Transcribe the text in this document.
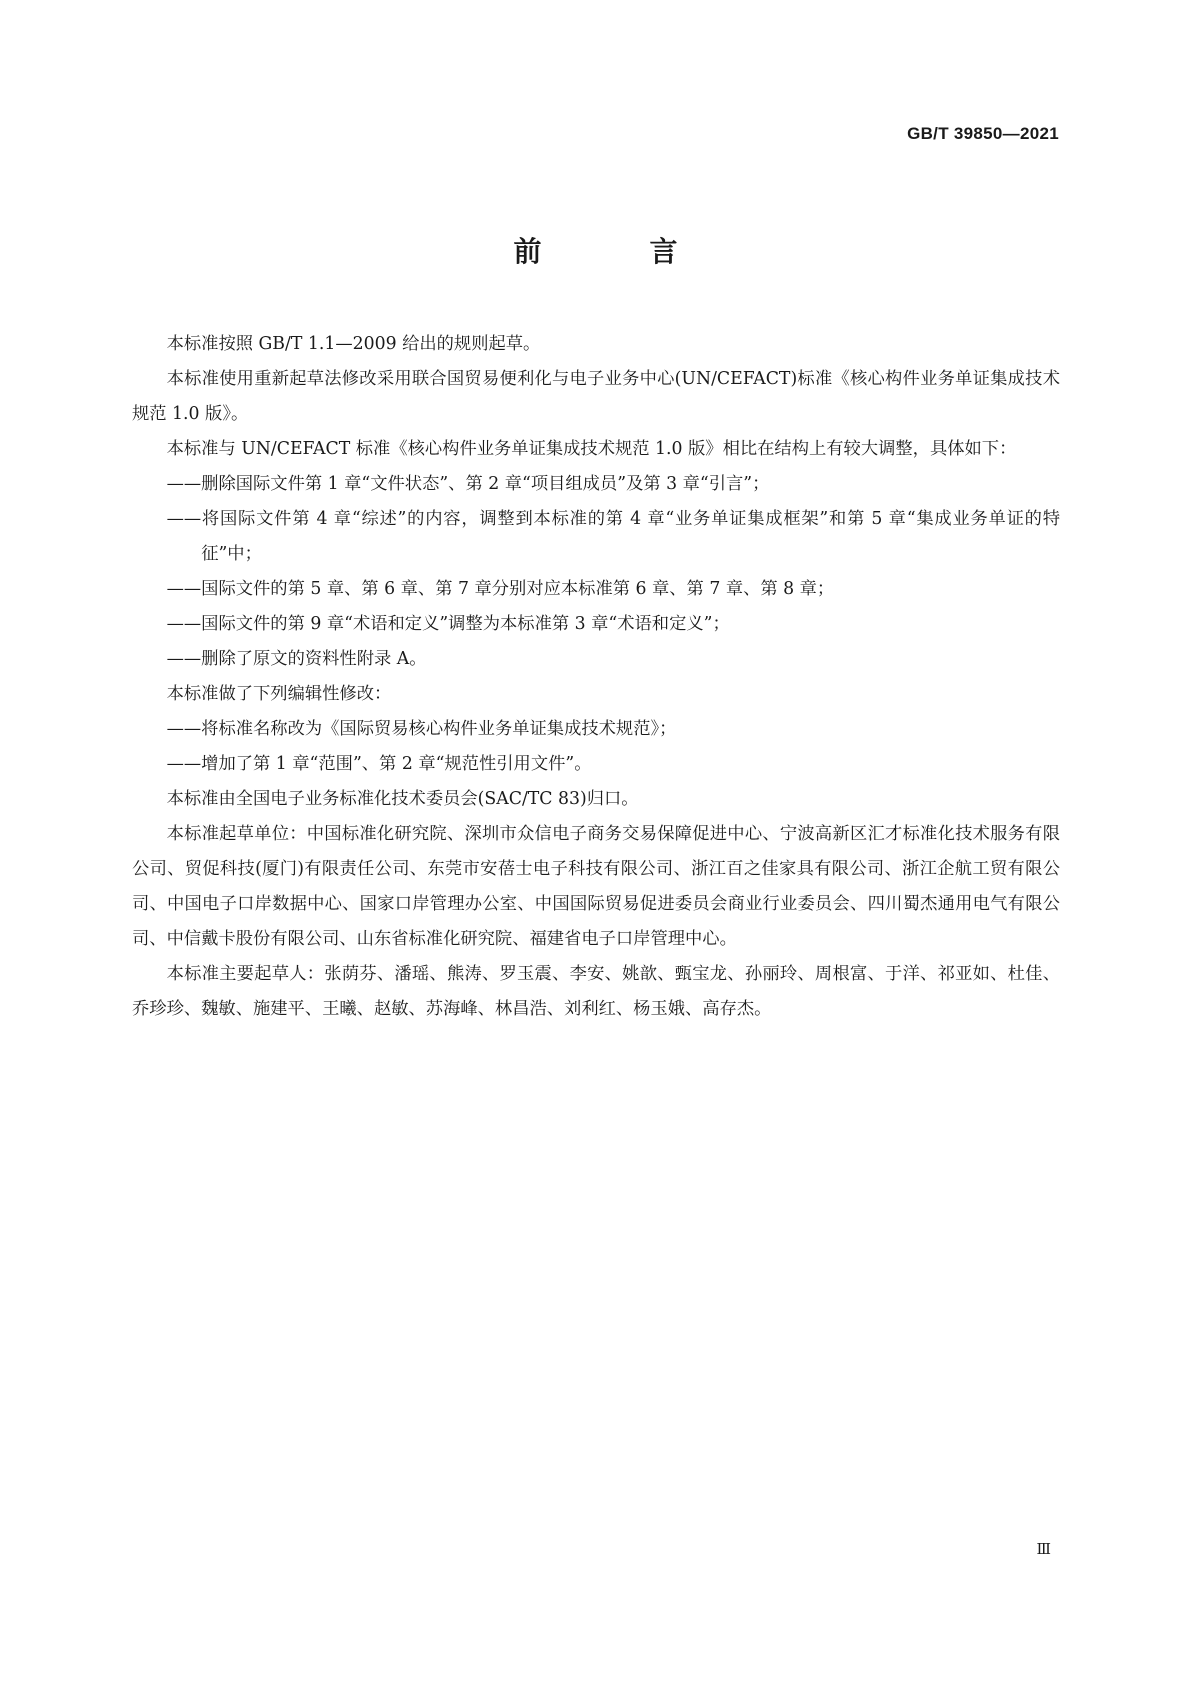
GB/T 39850—2021
前　言

本标准按照 GB/T 1.1—2009 给出的规则起草。

本标准使用重新起草法修改采用联合国贸易便利化与电子业务中心(UN/CEFACT)标准《核心构件业务单证集成技术规范 1.0 版》。

本标准与 UN/CEFACT 标准《核心构件业务单证集成技术规范 1.0 版》相比在结构上有较大调整，具体如下：

——删除国际文件第 1 章“文件状态”、第 2 章“项目组成员”及第 3 章“引言”；

——将国际文件第 4 章“综述”的内容，调整到本标准的第 4 章“业务单证集成框架”和第 5 章“集成业务单证的特征”中；

——国际文件的第 5 章、第 6 章、第 7 章分别对应本标准第 6 章、第 7 章、第 8 章；

——国际文件的第 9 章“术语和定义”调整为本标准第 3 章“术语和定义”；

——删除了原文的资料性附录 A。

本标准做了下列编辑性修改：

——将标准名称改为《国际贸易核心构件业务单证集成技术规范》；

——增加了第 1 章“范围”、第 2 章“规范性引用文件”。

本标准由全国电子业务标准化技术委员会(SAC/TC 83)归口。

本标准起草单位：中国标准化研究院、深圳市众信电子商务交易保障促进中心、宁波高新区汇才标准化技术服务有限公司、贸促科技(厦门)有限责任公司、东莞市安蓓士电子科技有限公司、浙江百之佳家具有限公司、浙江企航工贸有限公司、中国电子口岸数据中心、国家口岸管理办公室、中国国际贸易促进委员会商业行业委员会、四川蜀杰通用电气有限公司、中信戴卡股份有限公司、山东省标准化研究院、福建省电子口岸管理中心。

本标准主要起草人：张荫芬、潘瑶、熊涛、罗玉震、李安、姚歆、甄宝龙、孙丽玲、周根富、于洋、祁亚如、杜佳、乔珍珍、魏敏、施建平、王曦、赵敏、苏海峰、林昌浩、刘利红、杨玉娥、高存杰。

Ⅲ
